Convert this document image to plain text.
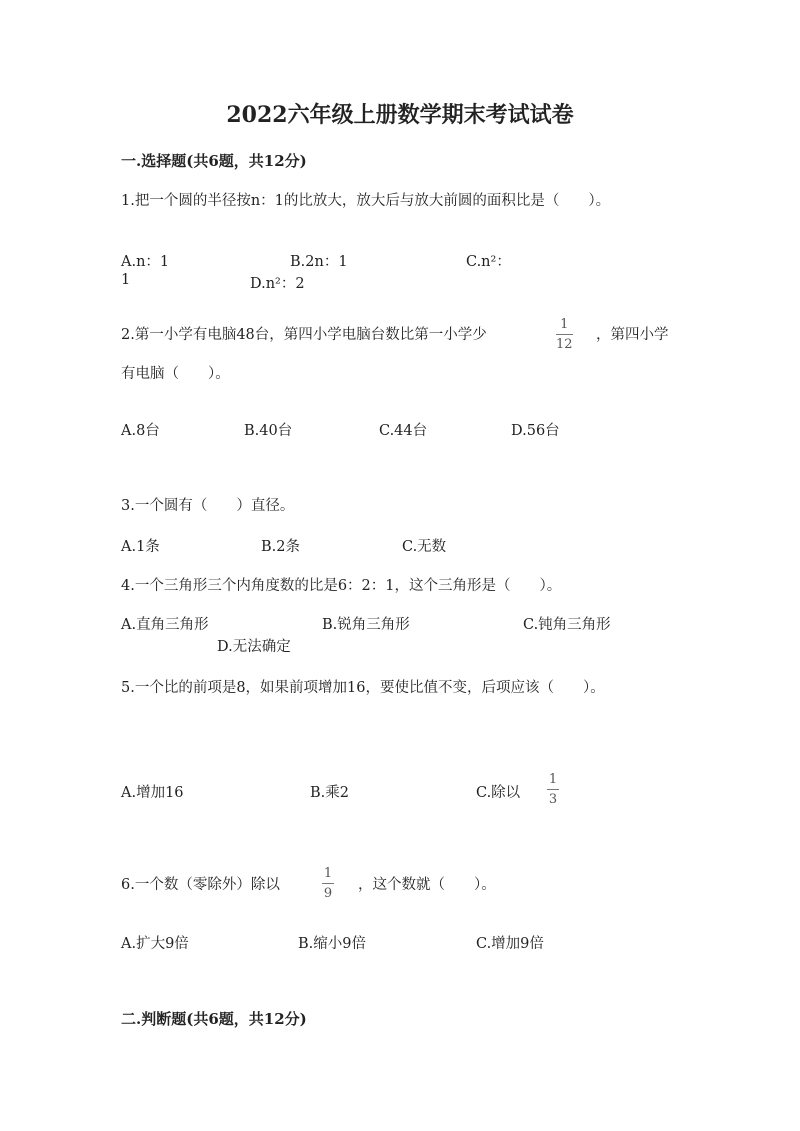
2022六年级上册数学期末考试试卷
一.选择题(共6题，共12分)
1.把一个圆的半径按n：1的比放大，放大后与放大前圆的面积比是（　　）。
A.n：1	B.2n：1	C.n²：
1	D.n²：2
2.第一小学有电脑48台，第四小学电脑台数比第一小学少
1
12
，第四小学
有电脑（　　）。
A.8台	B.40台	C.44台	D.56台
3.一个圆有（　　）直径。
A.1条	B.2条	C.无数
4.一个三角形三个内角度数的比是6：2：1，这个三角形是（　　）。
A.直角三角形	B.锐角三角形	C.钝角三角形
D.无法确定
5.一个比的前项是8，如果前项增加16，要使比值不变，后项应该（　　）。
A.增加16	B.乘2	C.除以
1
3
6.一个数（零除外）除以
1
9
，这个数就（　　）。
A.扩大9倍	B.缩小9倍	C.增加9倍
二.判断题(共6题，共12分)
